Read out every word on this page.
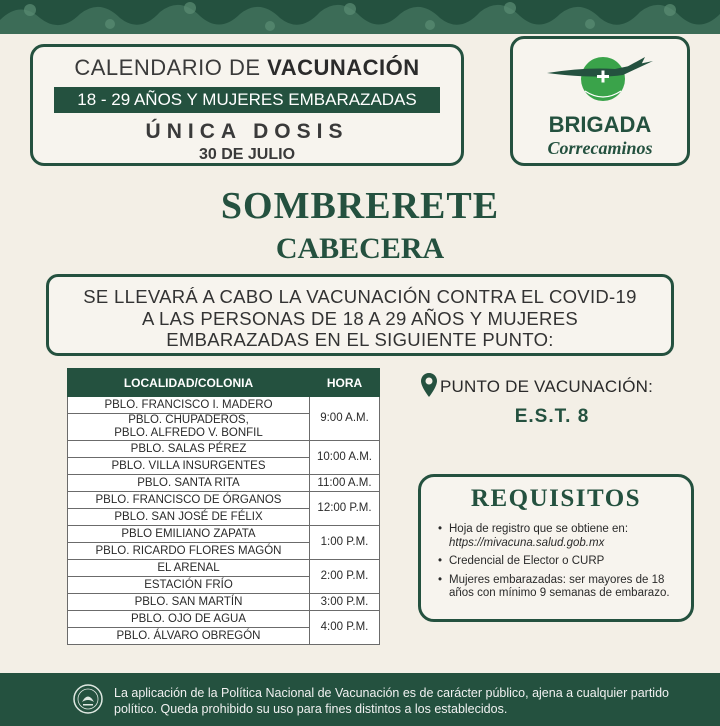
CALENDARIO DE VACUNACIÓN
18 - 29 AÑOS Y MUJERES EMBARAZADAS
ÚNICA DOSIS
30 DE JULIO
BRIGADA
Correcaminos
SOMBRERETE
CABECERA
SE LLEVARÁ A CABO LA VACUNACIÓN CONTRA EL COVID-19
A LAS PERSONAS DE 18 A 29 AÑOS Y MUJERES
EMBARAZADAS EN EL SIGUIENTE PUNTO:
LOCALIDAD/COLONIA	HORA
PBLO. FRANCISCO I. MADERO	9:00 A.M.
PBLO. CHUPADEROS,
PBLO. ALFREDO V. BONFIL	
PBLO. SALAS PÉREZ	10:00 A.M.
PBLO. VILLA INSURGENTES	
PBLO. SANTA RITA	11:00 A.M.
PBLO. FRANCISCO DE ÓRGANOS	12:00 P.M.
PBLO. SAN JOSÉ DE FÉLIX	
PBLO EMILIANO ZAPATA	1:00 P.M.
PBLO. RICARDO FLORES MAGÓN	
EL ARENAL	2:00 P.M.
ESTACIÓN FRÍO	
PBLO. SAN MARTÍN	3:00 P.M.
PBLO. OJO DE AGUA	4:00 P.M.
PBLO. ÁLVARO OBREGÓN	
PUNTO DE VACUNACIÓN:
E.S.T. 8
REQUISITOS
• Hoja de registro que se obtiene en: https://mivacuna.salud.gob.mx
• Credencial de Elector o CURP
• Mujeres embarazadas: ser mayores de 18 años con mínimo 9 semanas de embarazo.
La aplicación de la Política Nacional de Vacunación es de carácter público, ajena a cualquier partido político. Queda prohibido su uso para fines distintos a los establecidos.
